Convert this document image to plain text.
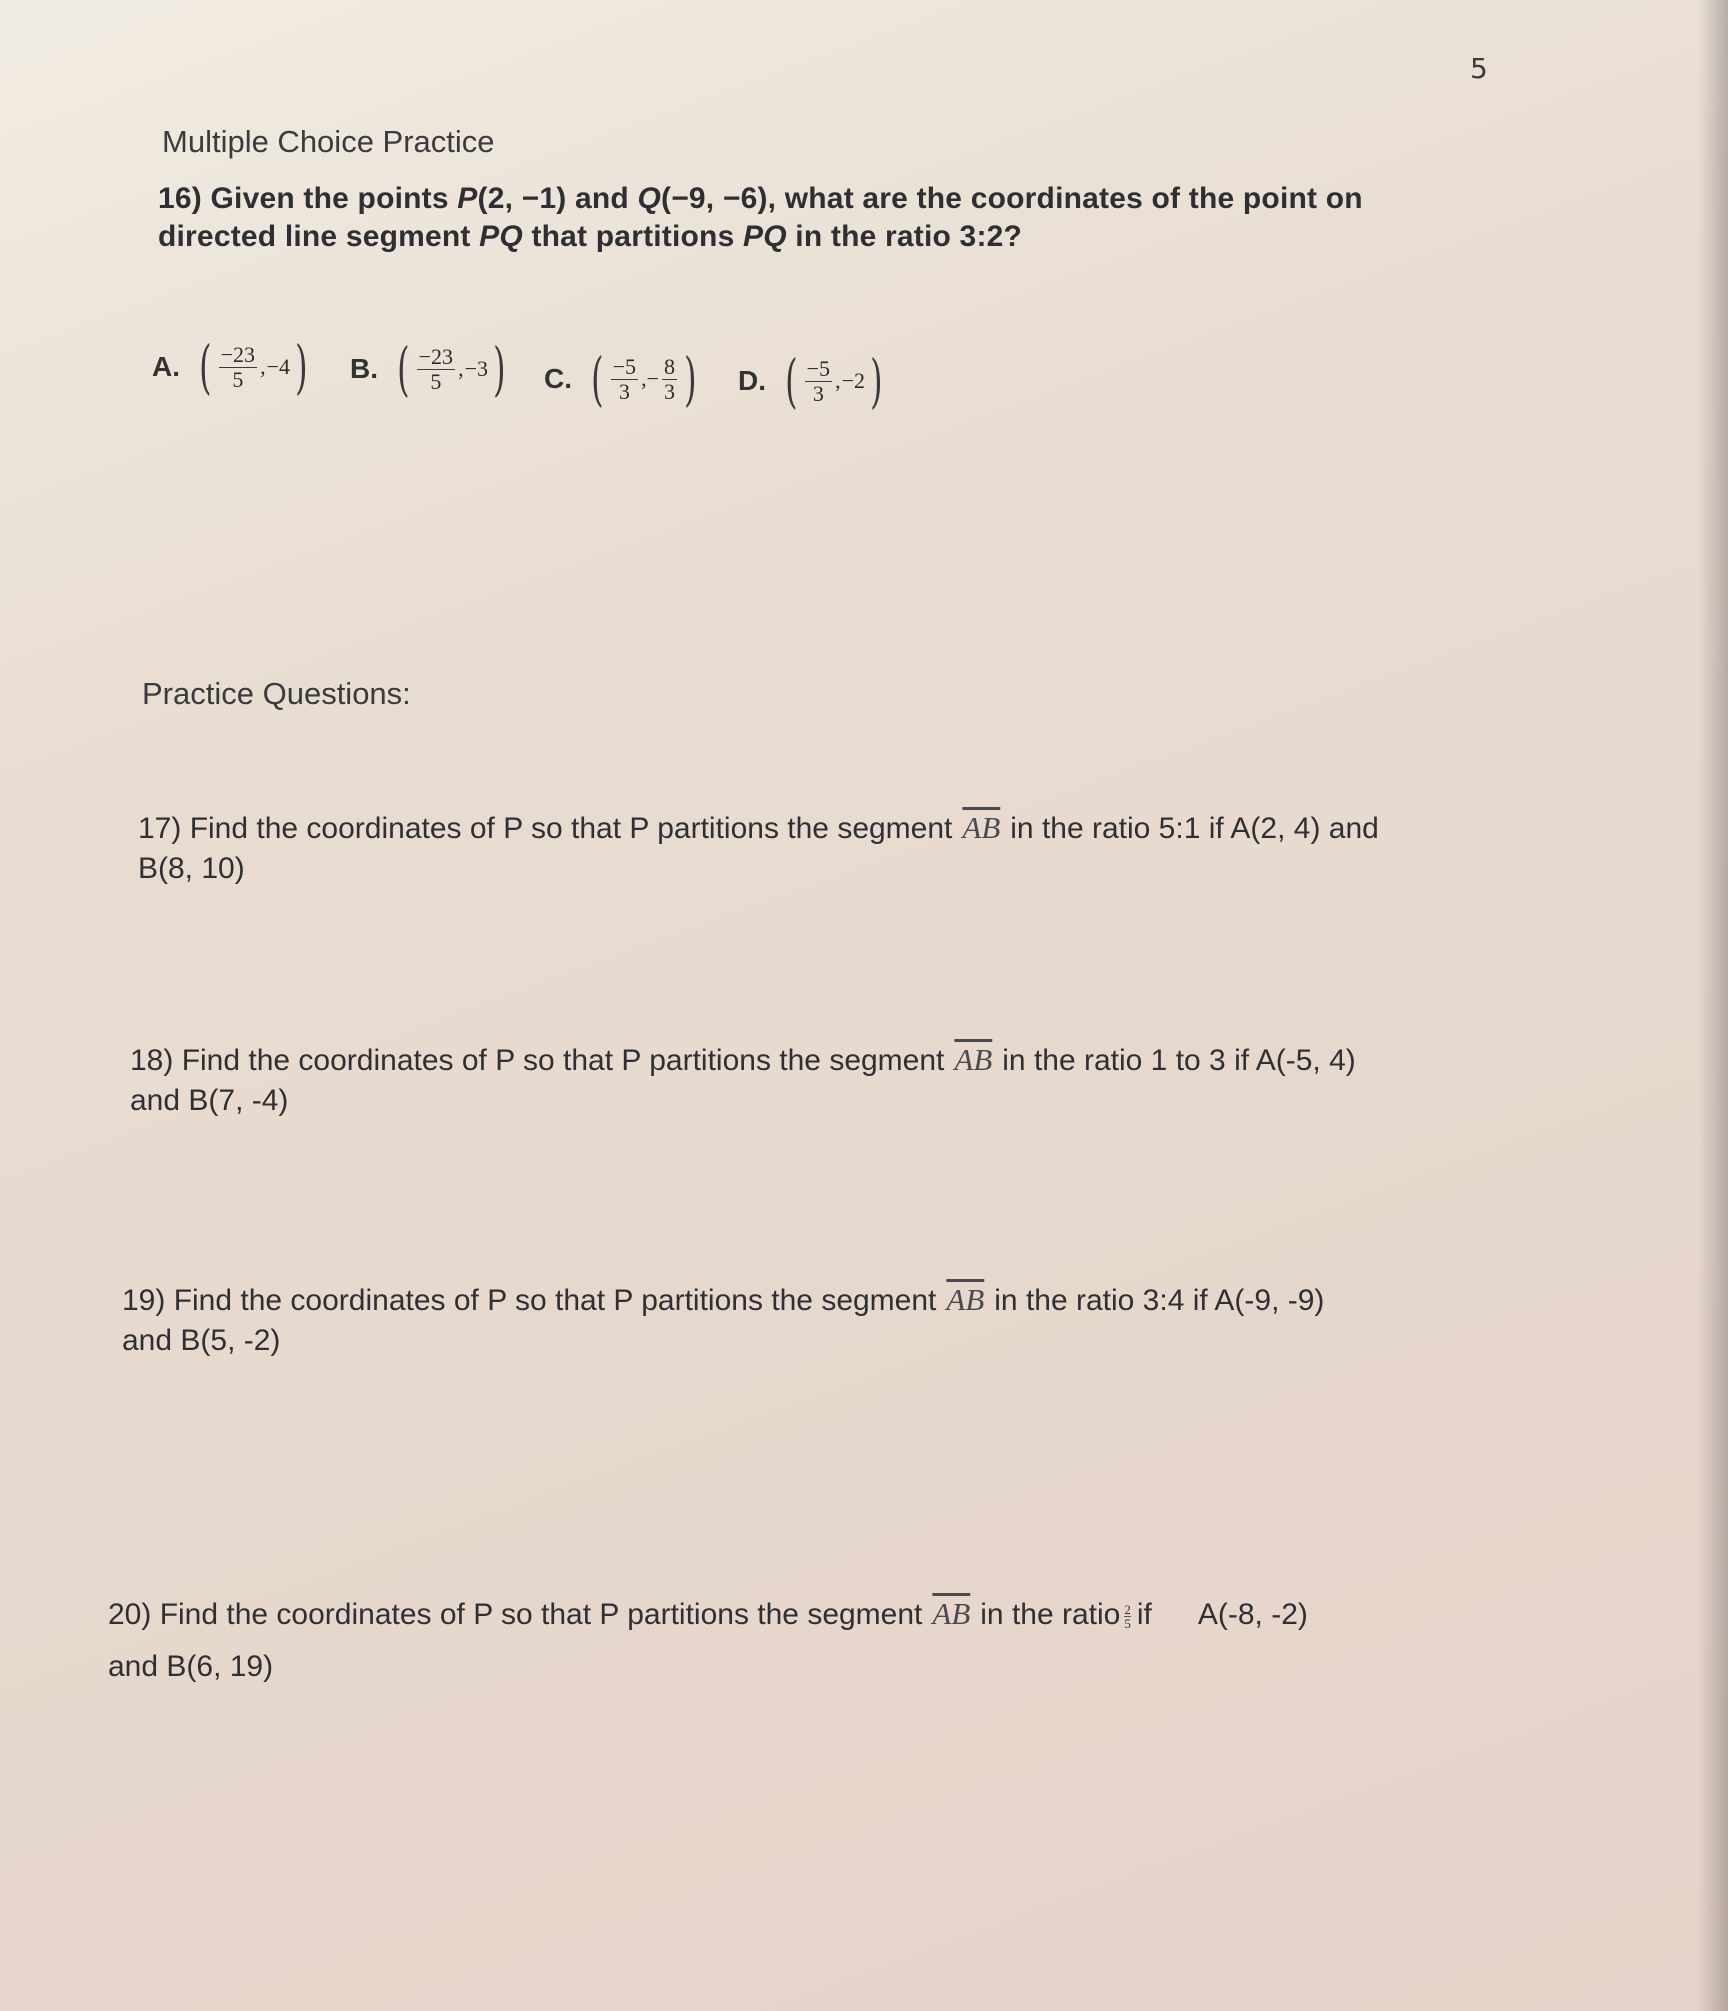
5
Multiple Choice Practice
16) Given the points P(2, −1) and Q(−9, −6), what are the coordinates of the point on
directed line segment PQ that partitions PQ in the ratio 3:2?
A. ( $\frac{-23}{5}$ , −4 ) B. ( $\frac{-23}{5}$ , −3 ) C. ( $\frac{-5}{3}$ ,− $\frac{8}{3}$ ) D. ( $\frac{-5}{3}$ , −2 )
Practice Questions:
17) Find the coordinates of P so that P partitions the segment $\overline{AB}$ in the ratio 5:1 if A(2, 4) and
B(8, 10)
18) Find the coordinates of P so that P partitions the segment $\overline{AB}$ in the ratio 1 to 3 if A(-5, 4)
and B(7, -4)
19) Find the coordinates of P so that P partitions the segment $\overline{AB}$ in the ratio 3:4 if A(-9, -9)
and B(5, -2)
20) Find the coordinates of P so that P partitions the segment $\overline{AB}$ in the ratio $\frac{2}{5}$ if A(-8, -2)
and B(6, 19)
